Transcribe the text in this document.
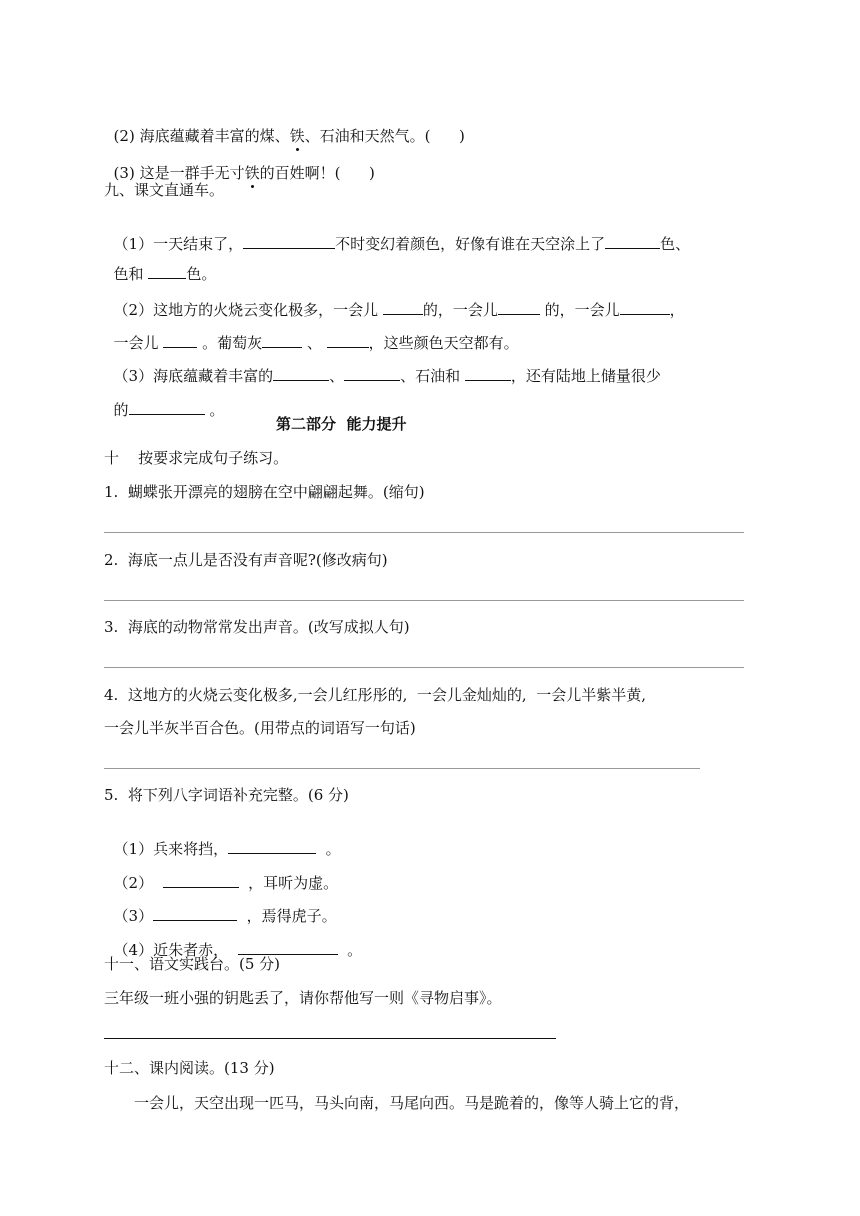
(2) 海底蕴藏着丰富的煤、铁、石油和天然气。(      )

(3) 这是一群手无寸铁的百姓啊！(      )

九、课文直通车。

（1）一天结束了，	不时变幻着颜色，好像有谁在天空涂上了	色、

色和	色。

（2）这地方的火烧云变化极多，一会儿	的，一会儿	的，一会儿	，

一会儿  。葡萄灰	、	，这些颜色天空都有。

（3）海底蕴藏着丰富的	、	、石油和	，还有陆地上储量很少

的	。

第二部分  能力提升
十    按要求完成句子练习。
1.  蝴蝶张开漂亮的翅膀在空中翩翩起舞。(缩句)
2.  海底一点儿是否没有声音呢?(修改病句)
3.  海底的动物常常发出声音。(改写成拟人句)
4.  这地方的火烧云变化极多,一会儿红彤彤的,  一会儿金灿灿的,  一会儿半紫半黄,
一会儿半灰半百合色。(用带点的词语写一句话)
5.  将下列八字词语补充完整。(6 分)

（1）兵来将挡，	。

（2）	，耳听为虚。

（3）	，焉得虎子。

（4）近朱者赤，	。

十一、语文实践台。(5 分)
三年级一班小强的钥匙丢了，请你帮他写一则《寻物启事》。
十二、课内阅读。(13 分)
一会儿，天空出现一匹马，马头向南，马尾向西。马是跪着的，像等人骑上它的背，
